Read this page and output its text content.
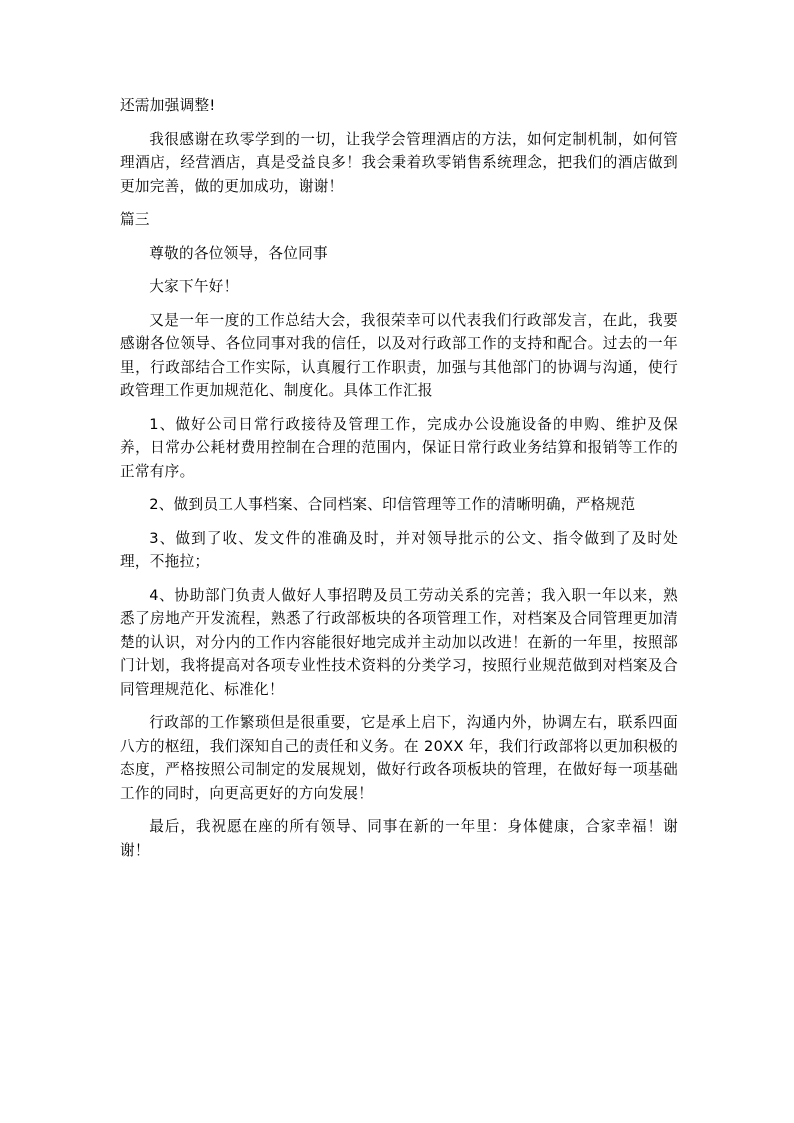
还需加强调整!

我很感谢在玖零学到的一切，让我学会管理酒店的方法，如何定制机制，如何管理酒店，经营酒店，真是受益良多！我会秉着玖零销售系统理念，把我们的酒店做到更加完善，做的更加成功，谢谢！

篇三

尊敬的各位领导，各位同事

大家下午好！

又是一年一度的工作总结大会，我很荣幸可以代表我们行政部发言，在此，我要感谢各位领导、各位同事对我的信任，以及对行政部工作的支持和配合。过去的一年里，行政部结合工作实际，认真履行工作职责，加强与其他部门的协调与沟通，使行政管理工作更加规范化、制度化。具体工作汇报

1、做好公司日常行政接待及管理工作，完成办公设施设备的申购、维护及保养，日常办公耗材费用控制在合理的范围内，保证日常行政业务结算和报销等工作的正常有序。

2、做到员工人事档案、合同档案、印信管理等工作的清晰明确，严格规范

3、做到了收、发文件的准确及时，并对领导批示的公文、指令做到了及时处理，不拖拉；

4、协助部门负责人做好人事招聘及员工劳动关系的完善；我入职一年以来，熟悉了房地产开发流程，熟悉了行政部板块的各项管理工作，对档案及合同管理更加清楚的认识，对分内的工作内容能很好地完成并主动加以改进！在新的一年里，按照部门计划，我将提高对各项专业性技术资料的分类学习，按照行业规范做到对档案及合同管理规范化、标准化！

行政部的工作繁琐但是很重要，它是承上启下，沟通内外，协调左右，联系四面八方的枢纽，我们深知自己的责任和义务。在 20XX 年，我们行政部将以更加积极的态度，严格按照公司制定的发展规划，做好行政各项板块的管理，在做好每一项基础工作的同时，向更高更好的方向发展！

最后，我祝愿在座的所有领导、同事在新的一年里：身体健康，合家幸福！谢谢！
